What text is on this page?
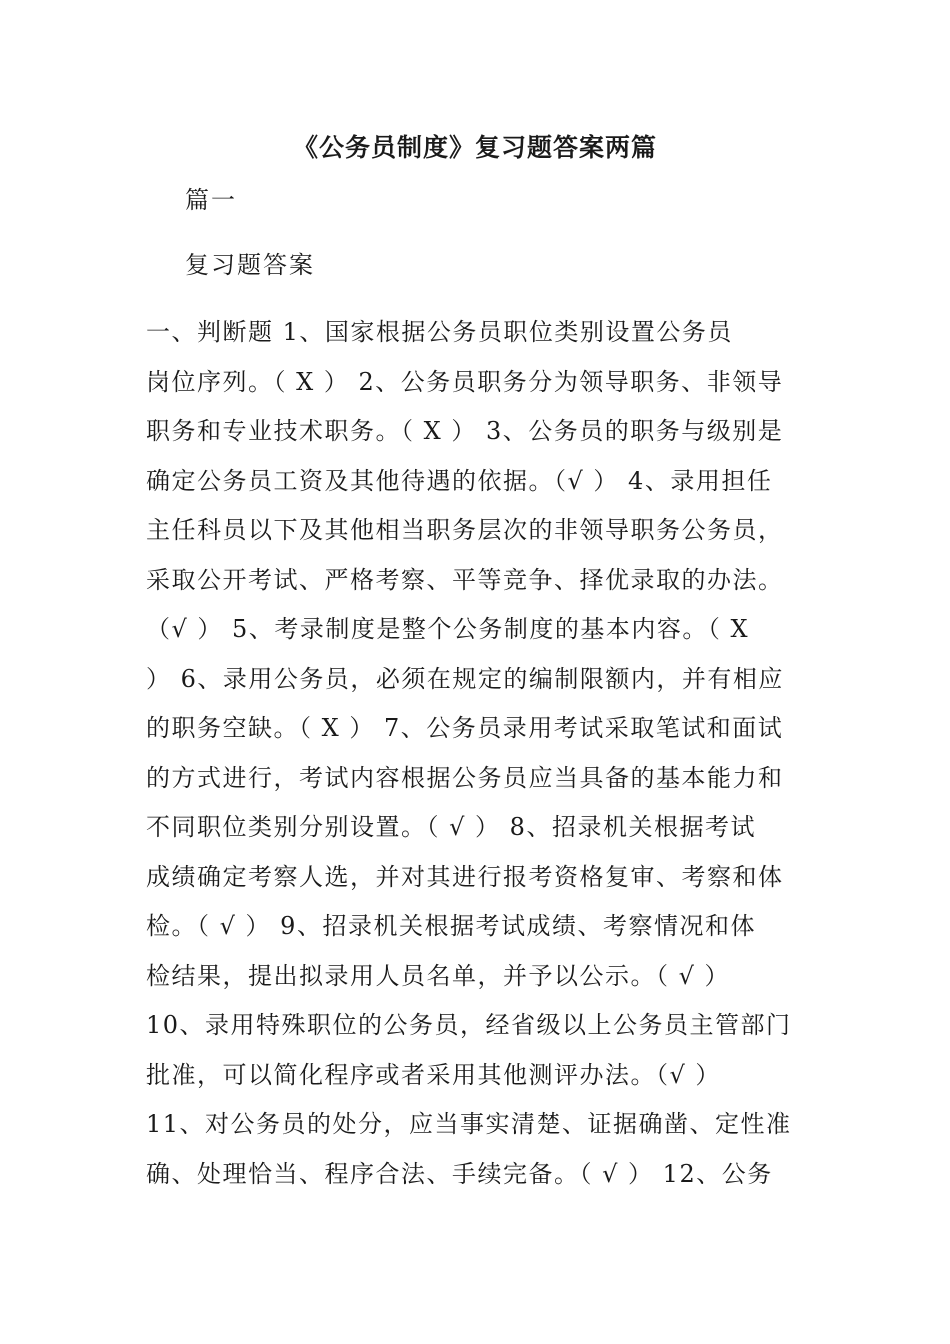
《公务员制度》复习题答案两篇
篇一
复习题答案
一、判断题 1、国家根据公务员职位类别设置公务员
岗位序列。（ X ） 2、公务员职务分为领导职务、非领导
职务和专业技术职务。（ X ） 3、公务员的职务与级别是
确定公务员工资及其他待遇的依据。（√ ） 4、录用担任
主任科员以下及其他相当职务层次的非领导职务公务员，
采取公开考试、严格考察、平等竞争、择优录取的办法。
（√ ） 5、考录制度是整个公务制度的基本内容。（ X
） 6、录用公务员，必须在规定的编制限额内，并有相应
的职务空缺。（ X ） 7、公务员录用考试采取笔试和面试
的方式进行，考试内容根据公务员应当具备的基本能力和
不同职位类别分别设置。（ √ ） 8、招录机关根据考试
成绩确定考察人选，并对其进行报考资格复审、考察和体
检。（ √ ） 9、招录机关根据考试成绩、考察情况和体
检结果，提出拟录用人员名单，并予以公示。（ √ ）
10、录用特殊职位的公务员，经省级以上公务员主管部门
批准，可以简化程序或者采用其他测评办法。（√ ）
11、对公务员的处分，应当事实清楚、证据确凿、定性准
确、处理恰当、程序合法、手续完备。（ √ ） 12、公务
